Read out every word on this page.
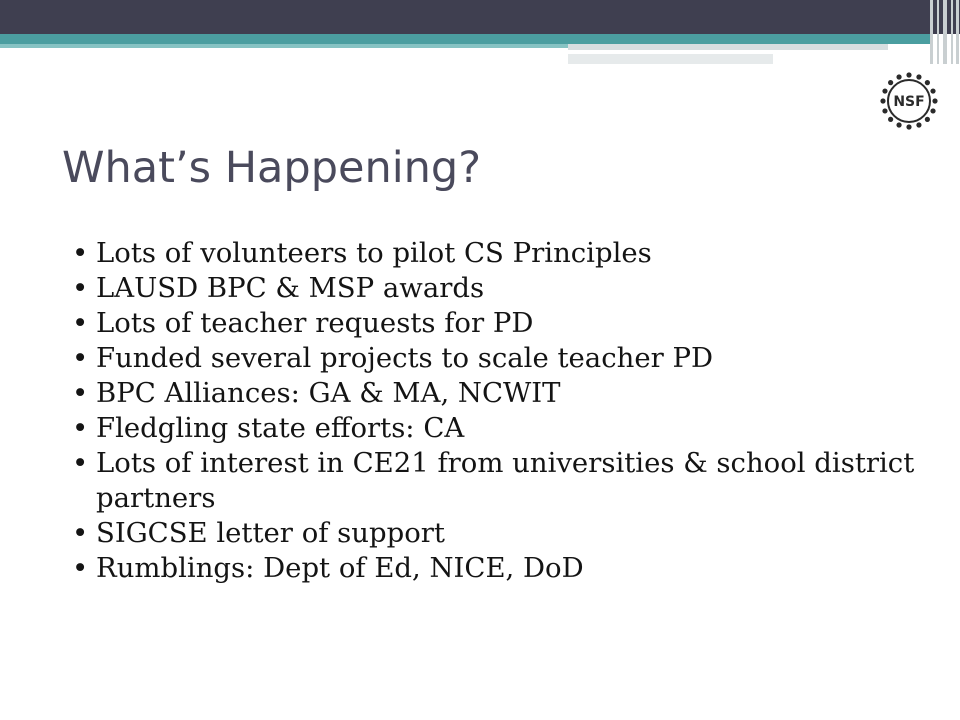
NSF
What’s Happening?
• Lots of volunteers to pilot CS Principles
• LAUSD BPC & MSP awards
• Lots of teacher requests for PD
• Funded several projects to scale teacher PD
• BPC Alliances: GA & MA, NCWIT
• Fledgling state efforts: CA
• Lots of interest in CE21 from universities & school district partners
• SIGCSE letter of support
• Rumblings: Dept of Ed, NICE, DoD
